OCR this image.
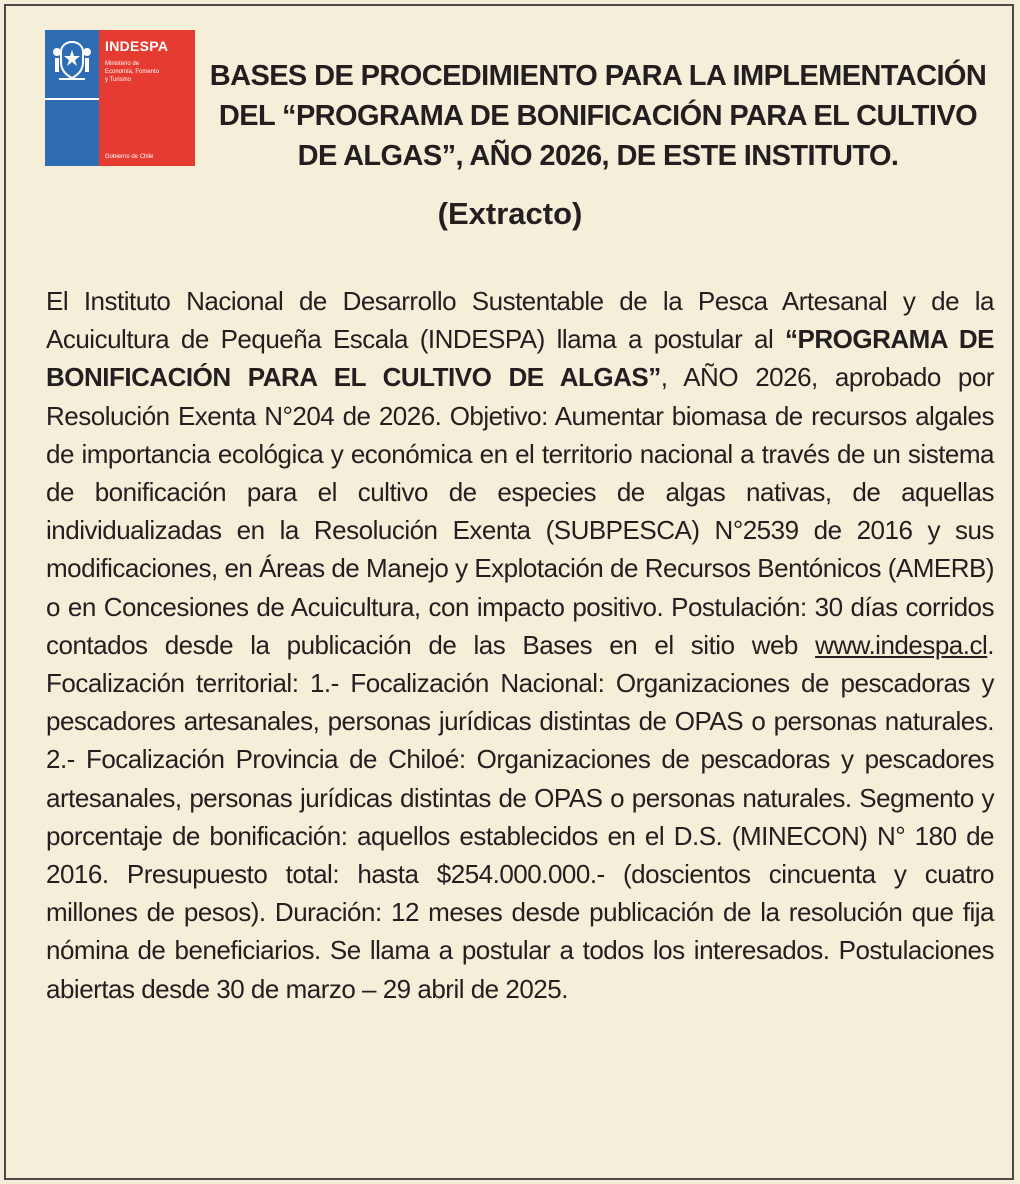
INDESPA
Ministerio de
Economía, Fomento
y Turismo
Gobierno de Chile
BASES DE PROCEDIMIENTO PARA LA IMPLEMENTACIÓN DEL “PROGRAMA DE BONIFICACIÓN PARA EL CULTIVO DE ALGAS”, AÑO 2026, DE ESTE INSTITUTO.
(Extracto)

El Instituto Nacional de Desarrollo Sustentable de la Pesca Artesanal y de la Acuicultura de Pequeña Escala (INDESPA) llama a postular al “PROGRAMA DE BONIFICACIÓN PARA EL CULTIVO DE ALGAS”, AÑO 2026, aprobado por Resolución Exenta N°204 de 2026. Objetivo: Aumentar biomasa de recursos algales de importancia ecológica y económica en el territorio nacional a través de un sistema de bonificación para el cultivo de especies de algas nativas, de aquellas individualizadas en la Resolución Exenta (SUBPESCA) N°2539 de 2016 y sus modificaciones, en Áreas de Manejo y Explotación de Recursos Bentónicos (AMERB) o en Concesiones de Acuicultura, con impacto positivo. Postulación: 30 días corridos contados desde la publicación de las Bases en el sitio web www.indespa.cl. Focalización territorial: 1.- Focalización Nacional: Organizaciones de pescadoras y pescadores artesanales, personas jurídicas distintas de OPAS o personas naturales. 2.- Focalización Provincia de Chiloé: Organizaciones de pescadoras y pescadores artesanales, personas jurídicas distintas de OPAS o personas naturales. Segmento y porcentaje de bonificación: aquellos establecidos en el D.S. (MINECON) N° 180 de 2016. Presupuesto total: hasta $254.000.000.- (doscientos cincuenta y cuatro millones de pesos). Duración: 12 meses desde publicación de la resolución que fija nómina de beneficiarios. Se llama a postular a todos los interesados. Postulaciones abiertas desde 30 de marzo – 29 abril de 2025.
